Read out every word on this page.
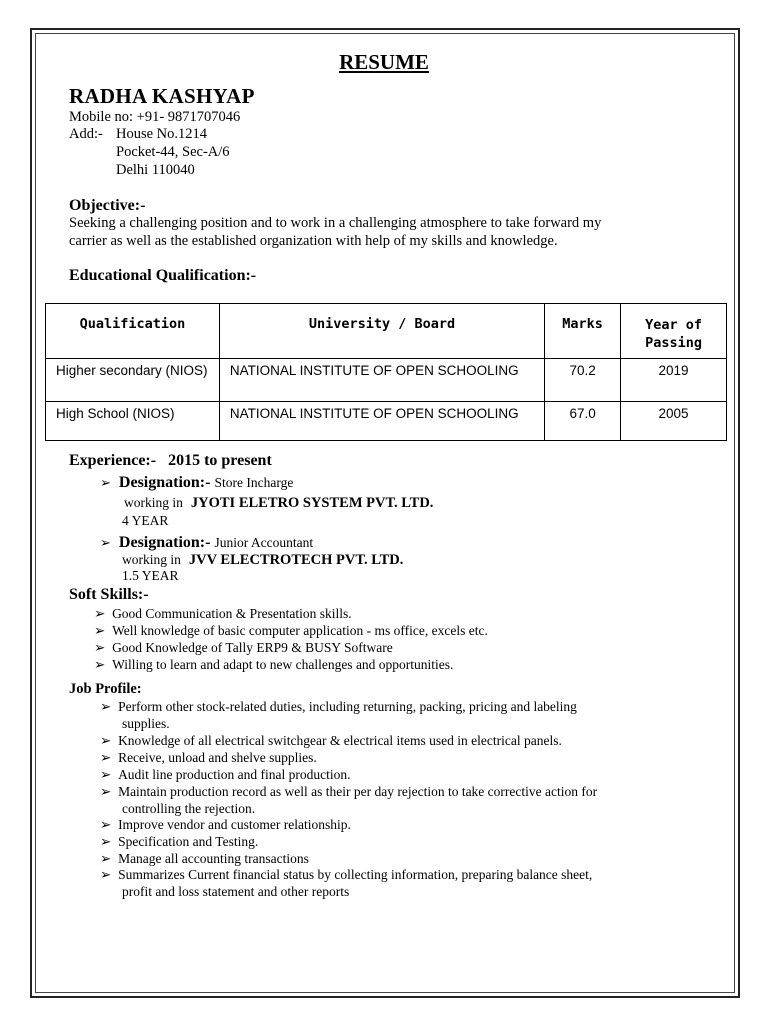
RESUME
RADHA KASHYAP
Mobile no: +91- 9871707046
Add:- House No.1214
Pocket-44, Sec-A/6
Delhi 110040
Objective:-
Seeking a challenging position and to work in a challenging atmosphere to take forward my
carrier as well as the established organization with help of my skills and knowledge.
Educational Qualification:-
Qualification	University / Board	Marks	Year of Passing
Higher secondary (NIOS)	NATIONAL INSTITUTE OF OPEN SCHOOLING	70.2	2019
High School (NIOS)	NATIONAL INSTITUTE OF OPEN SCHOOLING	67.0	2005
Experience:- 2015 to present
➢ Designation:- Store Incharge
working in JYOTI ELETRO SYSTEM PVT. LTD.
4 YEAR
➢ Designation:- Junior Accountant
working in JVV ELECTROTECH PVT. LTD.
1.5 YEAR
Soft Skills:-
➢ Good Communication & Presentation skills.
➢ Well knowledge of basic computer application - ms office, excels etc.
➢ Good Knowledge of Tally ERP9 & BUSY Software
➢ Willing to learn and adapt to new challenges and opportunities.
Job Profile:
➢ Perform other stock-related duties, including returning, packing, pricing and labeling
supplies.
➢ Knowledge of all electrical switchgear & electrical items used in electrical panels.
➢ Receive, unload and shelve supplies.
➢ Audit line production and final production.
➢ Maintain production record as well as their per day rejection to take corrective action for
controlling the rejection.
➢ Improve vendor and customer relationship.
➢ Specification and Testing.
➢ Manage all accounting transactions
➢ Summarizes Current financial status by collecting information, preparing balance sheet,
profit and loss statement and other reports
